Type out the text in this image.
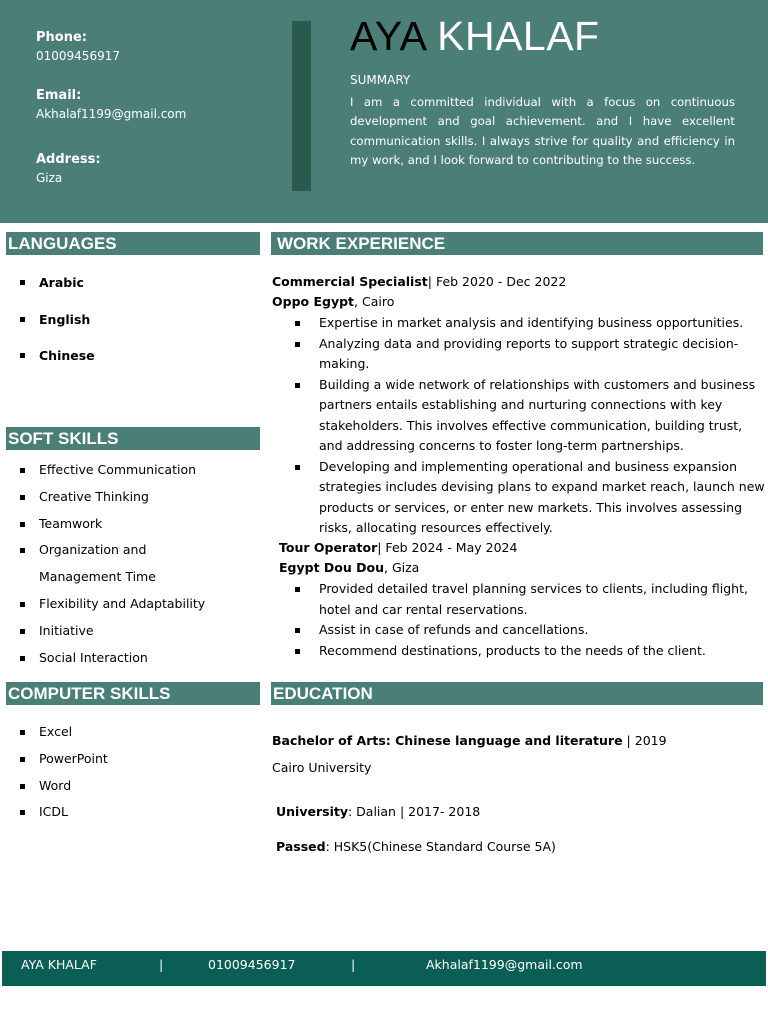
Phone:
01009456917
Email:
Akhalaf1199@gmail.com
Address:
Giza
AYA KHALAF
SUMMARY
I am a committed individual with a focus on continuous development and goal achievement. and I have excellent communication skills. I always strive for quality and efficiency in my work, and I look forward to contributing to the success.
LANGUAGES
Arabic
English
Chinese
SOFT SKILLS
Effective Communication
Creative Thinking
Teamwork
Organization and Management Time
Flexibility and Adaptability
Initiative
Social Interaction
COMPUTER SKILLS
Excel
PowerPoint
Word
ICDL
WORK EXPERIENCE
Commercial Specialist| Feb 2020 - Dec 2022
Oppo Egypt, Cairo
Expertise in market analysis and identifying business opportunities.
Analyzing data and providing reports to support strategic decision-making.
Building a wide network of relationships with customers and business partners entails establishing and nurturing connections with key stakeholders. This involves effective communication, building trust, and addressing concerns to foster long-term partnerships.
Developing and implementing operational and business expansion strategies includes devising plans to expand market reach, launch new products or services, or enter new markets. This involves assessing risks, allocating resources effectively.
Tour Operator| Feb 2024 - May 2024
Egypt Dou Dou, Giza
Provided detailed travel planning services to clients, including flight, hotel and car rental reservations.
Assist in case of refunds and cancellations.
Recommend destinations, products to the needs of the client.
EDUCATION
Bachelor of Arts: Chinese language and literature | 2019
Cairo University
University: Dalian | 2017- 2018
Passed: HSK5(Chinese Standard Course 5A)
AYA KHALAF	|	01009456917	|	Akhalaf1199@gmail.com
